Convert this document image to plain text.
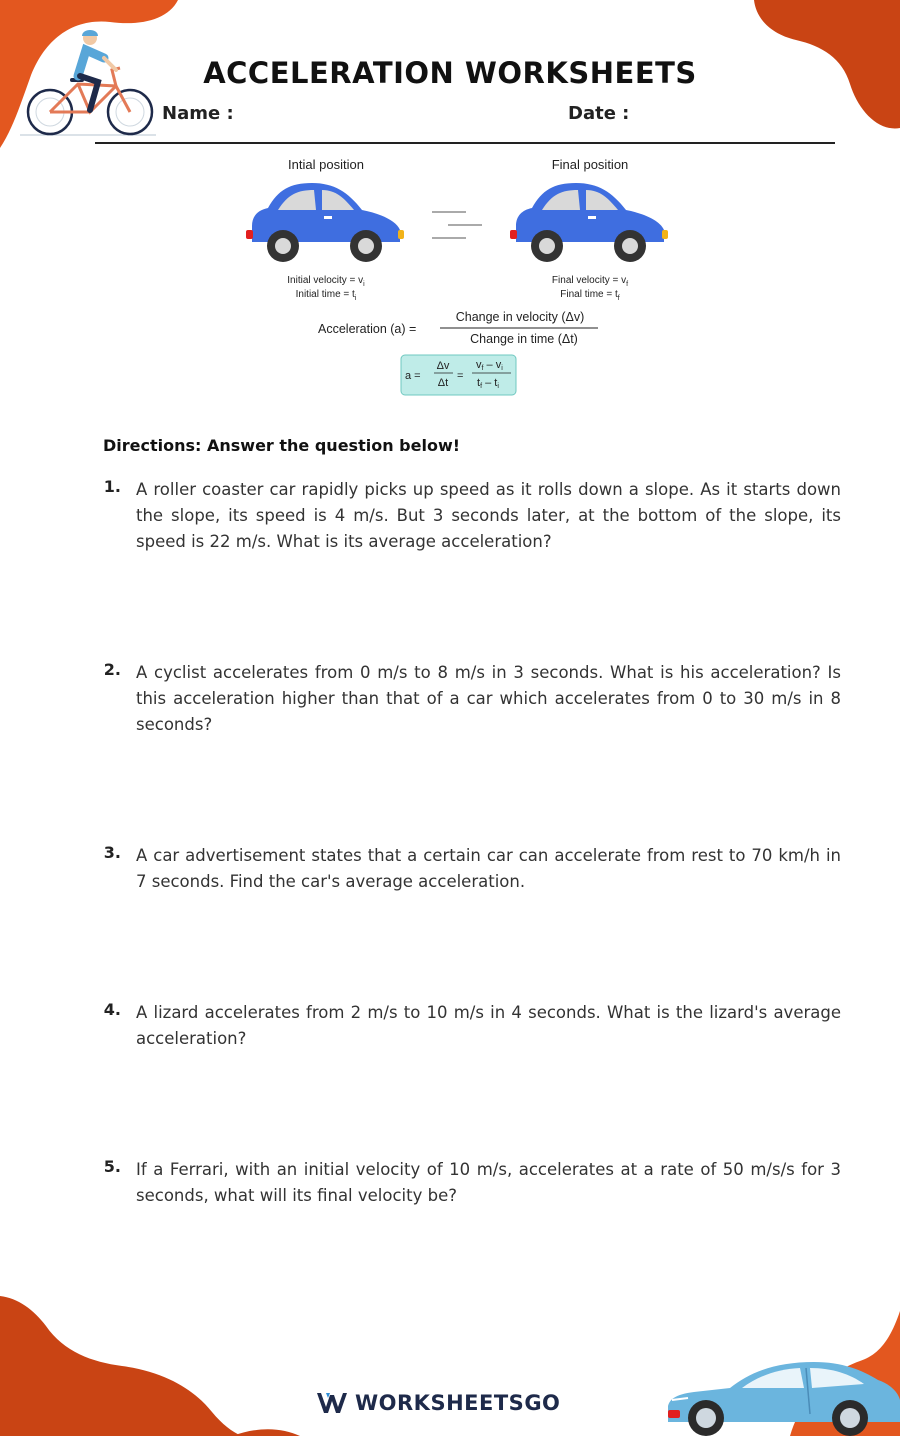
ACCELERATION WORKSHEETS
Name :	Date :
Intial position	Final position
Initial velocity = $v_i$
Initial time = $t_i$
Final velocity = $v_f$
Final time = $t_f$
Acceleration (a) =
Change in velocity (Δv)
Change in time (Δt)
a =
Δv
Δt
=
vf – vi
tf – ti
Directions: Answer the question below!
1. A roller coaster car rapidly picks up speed as it rolls down a slope. As it starts down the slope, its speed is 4 m/s. But 3 seconds later, at the bottom of the slope, its speed is 22 m/s. What is its average acceleration?
2. A cyclist accelerates from 0 m/s to 8 m/s in 3 seconds. What is his acceleration? Is this acceleration higher than that of a car which accelerates from 0 to 30 m/s in 8 seconds?
3. A car advertisement states that a certain car can accelerate from rest to 70 km/h in 7 seconds. Find the car's average acceleration.
4. A lizard accelerates from 2 m/s to 10 m/s in 4 seconds. What is the lizard's average acceleration?
5. If a Ferrari, with an initial velocity of 10 m/s, accelerates at a rate of 50 m/s/s for 3 seconds, what will its final velocity be?
WORKSHEETS GO
